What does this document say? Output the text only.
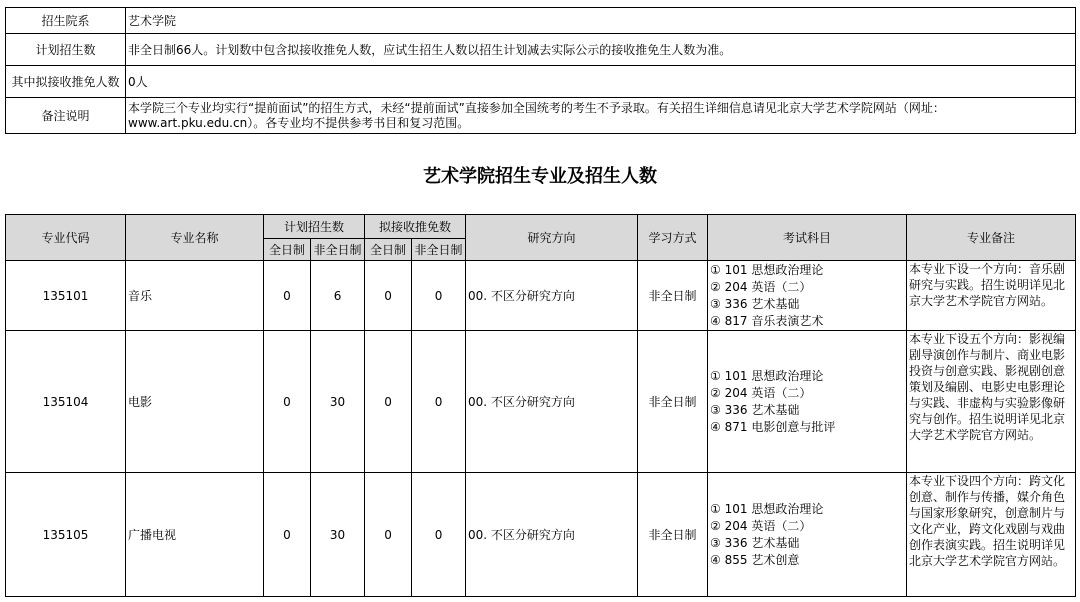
招生院系	艺术学院
计划招生数	非全日制66人。计划数中包含拟接收推免人数，应试生招生人数以招生计划减去实际公示的接收推免生人数为准。
其中拟接收推免人数	0人
备注说明	本学院三个专业均实行“提前面试”的招生方式，未经“提前面试”直接参加全国统考的考生不予录取。有关招生详细信息请见北京大学艺术学院网站（网址：www.art.pku.edu.cn）。各专业均不提供参考书目和复习范围。
艺术学院招生专业及招生人数
专业代码	专业名称	计划招生数		拟接收推免数		研究方向	学习方式	考试科目	专业备注
		全日制	非全日制	全日制	非全日制				
135101	音乐	0	6	0	0	00. 不区分研究方向	非全日制	① 101 思想政治理论
② 204 英语（二）
③ 336 艺术基础
④ 817 音乐表演艺术	本专业下设一个方向：音乐剧研究与实践。招生说明详见北京大学艺术学院官方网站。
135104	电影	0	30	0	0	00. 不区分研究方向	非全日制	① 101 思想政治理论
② 204 英语（二）
③ 336 艺术基础
④ 871 电影创意与批评	本专业下设五个方向：影视编剧导演创作与制片、商业电影投资与创意实践、影视剧创意策划及编剧、电影史电影理论与实践、非虚构与实验影像研究与创作。招生说明详见北京大学艺术学院官方网站。
135105	广播电视	0	30	0	0	00. 不区分研究方向	非全日制	① 101 思想政治理论
② 204 英语（二）
③ 336 艺术基础
④ 855 艺术创意	本专业下设四个方向：跨文化创意、制作与传播，媒介角色与国家形象研究，创意制片与文化产业，跨文化戏剧与戏曲创作表演实践。招生说明详见北京大学艺术学院官方网站。
